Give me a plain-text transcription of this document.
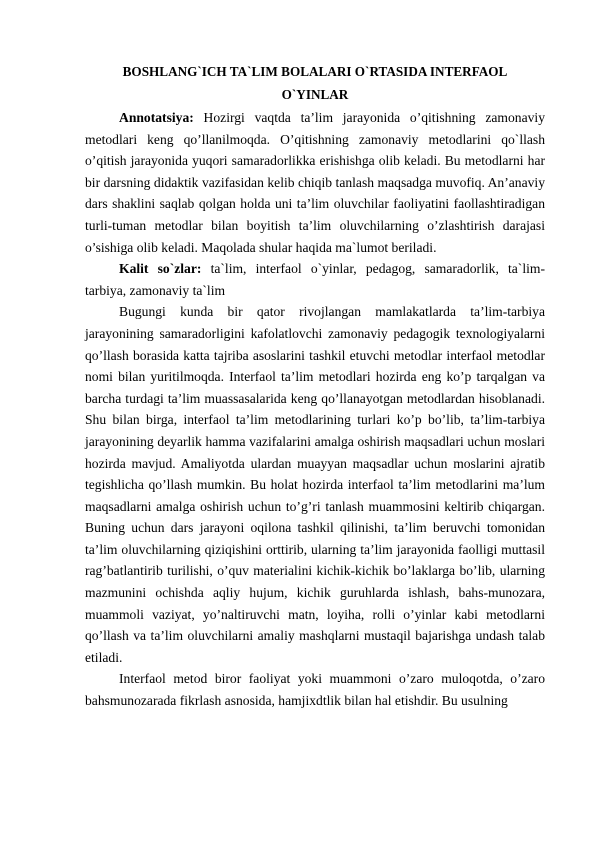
BOSHLANG`ICH TA`LIM BOLALARI O`RTASIDA INTERFAOL

O`YINLAR

Annotatsiya: Hozirgi vaqtda ta’lim jarayonida o’qitishning zamonaviy metodlari keng qo’llanilmoqda. O’qitishning zamonaviy metodlarini qo`llash o’qitish jarayonida yuqori samaradorlikka erishishga olib keladi. Bu metodlarni har bir darsning didaktik vazifasidan kelib chiqib tanlash maqsadga muvofiq. An’anaviy dars shaklini saqlab qolgan holda uni ta’lim oluvchilar faoliyatini faollashtiradigan turli-tuman metodlar bilan boyitish ta’lim oluvchilarning o’zlashtirish darajasi o’sishiga olib keladi. Maqolada shular haqida ma`lumot beriladi.

Kalit so`zlar: ta`lim, interfaol o`yinlar, pedagog, samaradorlik, ta`lim-tarbiya, zamonaviy ta`lim

Bugungi kunda bir qator rivojlangan mamlakatlarda ta’lim-tarbiya jarayonining samaradorligini kafolatlovchi zamonaviy pedagogik texnologiyalarni qo’llash borasida katta tajriba asoslarini tashkil etuvchi metodlar interfaol metodlar nomi bilan yuritilmoqda. Interfaol ta’lim metodlari hozirda eng ko’p tarqalgan va barcha turdagi ta’lim muassasalarida keng qo’llanayotgan metodlardan hisoblanadi. Shu bilan birga, interfaol ta’lim metodlarining turlari ko’p bo’lib, ta’lim-tarbiya jarayonining deyarlik hamma vazifalarini amalga oshirish maqsadlari uchun moslari hozirda mavjud. Amaliyotda ulardan muayyan maqsadlar uchun moslarini ajratib tegishlicha qo’llash mumkin. Bu holat hozirda interfaol ta’lim metodlarini ma’lum maqsadlarni amalga oshirish uchun to’g’ri tanlash muammosini keltirib chiqargan. Buning uchun dars jarayoni oqilona tashkil qilinishi, ta’lim beruvchi tomonidan ta’lim oluvchilarning qiziqishini orttirib, ularning ta’lim jarayonida faolligi muttasil rag’batlantirib turilishi, o’quv materialini kichik-kichik bo’laklarga bo’lib, ularning mazmunini ochishda aqliy hujum, kichik guruhlarda ishlash, bahs-munozara, muammoli vaziyat, yo’naltiruvchi matn, loyiha, rolli o’yinlar kabi metodlarni qo’llash va ta’lim oluvchilarni amaliy mashqlarni mustaqil bajarishga undash talab etiladi.

Interfaol metod biror faoliyat yoki muammoni o’zaro muloqotda, o’zaro bahsmunozarada fikrlash asnosida, hamjixdtlik bilan hal etishdir. Bu usulning
